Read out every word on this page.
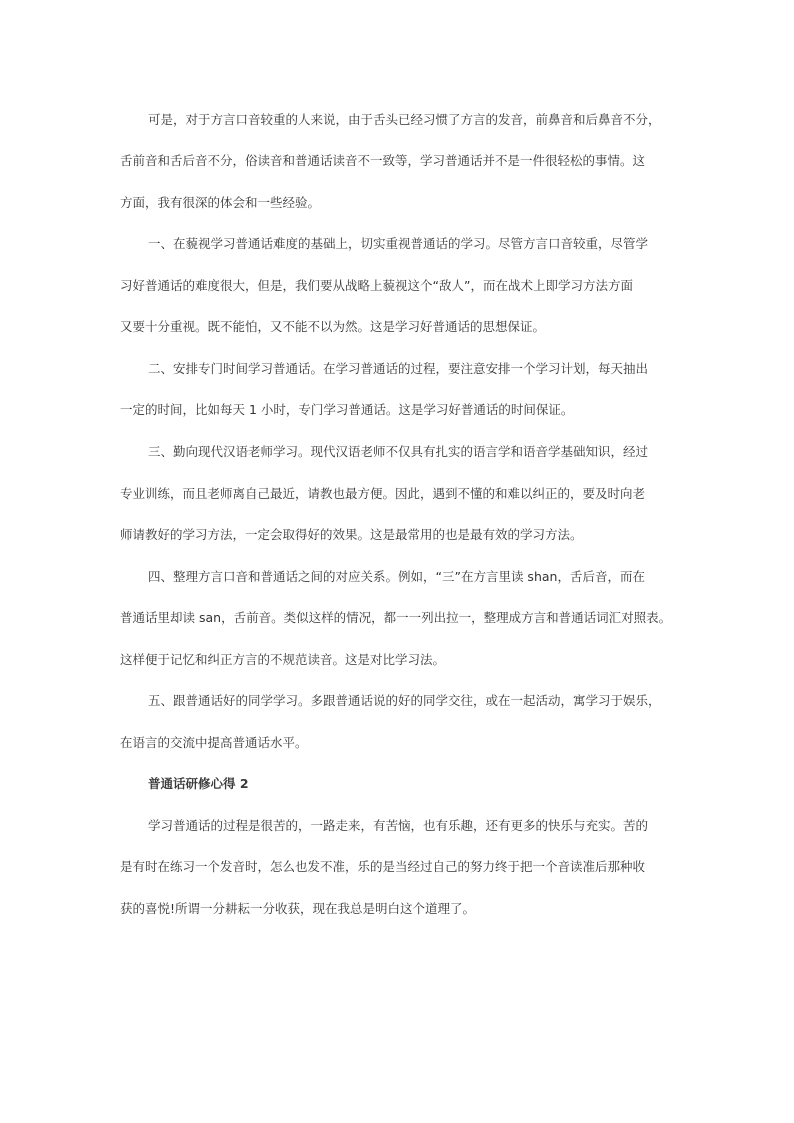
可是，对于方言口音较重的人来说，由于舌头已经习惯了方言的发音，前鼻音和后鼻音不分，
舌前音和舌后音不分，俗读音和普通话读音不一致等，学习普通话并不是一件很轻松的事情。这
方面，我有很深的体会和一些经验。
一、在藐视学习普通话难度的基础上，切实重视普通话的学习。尽管方言口音较重，尽管学
习好普通话的难度很大，但是，我们要从战略上藐视这个“敌人”，而在战术上即学习方法方面
又要十分重视。既不能怕，又不能不以为然。这是学习好普通话的思想保证。
二、安排专门时间学习普通话。在学习普通话的过程，要注意安排一个学习计划，每天抽出
一定的时间，比如每天 1 小时，专门学习普通话。这是学习好普通话的时间保证。
三、勤向现代汉语老师学习。现代汉语老师不仅具有扎实的语言学和语音学基础知识，经过
专业训练，而且老师离自己最近，请教也最方便。因此，遇到不懂的和难以纠正的，要及时向老
师请教好的学习方法，一定会取得好的效果。这是最常用的也是最有效的学习方法。
四、整理方言口音和普通话之间的对应关系。例如，“三”在方言里读 shan，舌后音，而在
普通话里却读 san，舌前音。类似这样的情况，都一一列出拉一，整理成方言和普通话词汇对照表。
这样便于记忆和纠正方言的不规范读音。这是对比学习法。
五、跟普通话好的同学学习。多跟普通话说的好的同学交往，或在一起活动，寓学习于娱乐，
在语言的交流中提高普通话水平。
普通话研修心得 2
学习普通话的过程是很苦的，一路走来，有苦恼，也有乐趣，还有更多的快乐与充实。苦的
是有时在练习一个发音时，怎么也发不准，乐的是当经过自己的努力终于把一个音读准后那种收
获的喜悦!所谓一分耕耘一分收获，现在我总是明白这个道理了。
